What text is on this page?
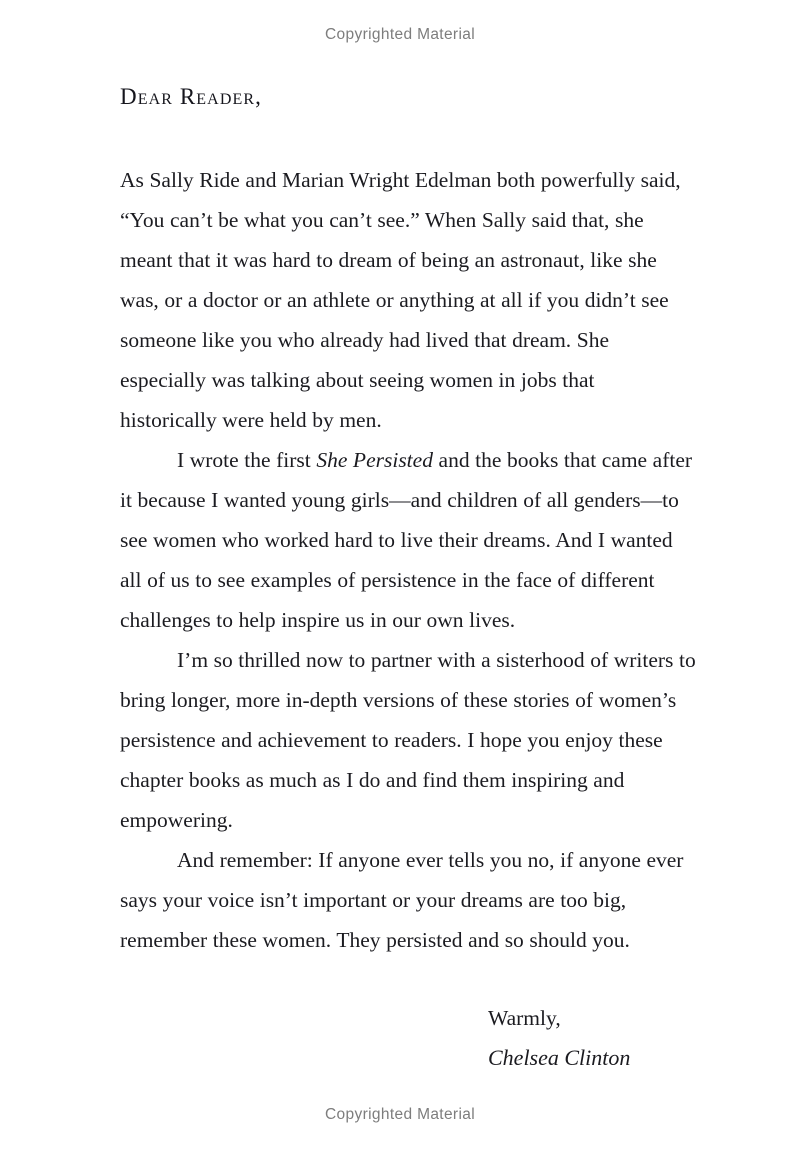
Copyrighted Material
Dear Reader,

As Sally Ride and Marian Wright Edelman both powerfully said, “You can’t be what you can’t see.” When Sally said that, she meant that it was hard to dream of being an astronaut, like she was, or a doctor or an athlete or anything at all if you didn’t see someone like you who already had lived that dream. She especially was talking about seeing women in jobs that historically were held by men.

I wrote the first She Persisted and the books that came after it because I wanted young girls—and children of all genders—to see women who worked hard to live their dreams. And I wanted all of us to see examples of persistence in the face of different challenges to help inspire us in our own lives.

I’m so thrilled now to partner with a sisterhood of writers to bring longer, more in-depth versions of these stories of women’s persistence and achievement to readers. I hope you enjoy these chapter books as much as I do and find them inspiring and empowering.

And remember: If anyone ever tells you no, if anyone ever says your voice isn’t important or your dreams are too big, remember these women. They persisted and so should you.

Warmly,

Chelsea Clinton

Copyrighted Material
